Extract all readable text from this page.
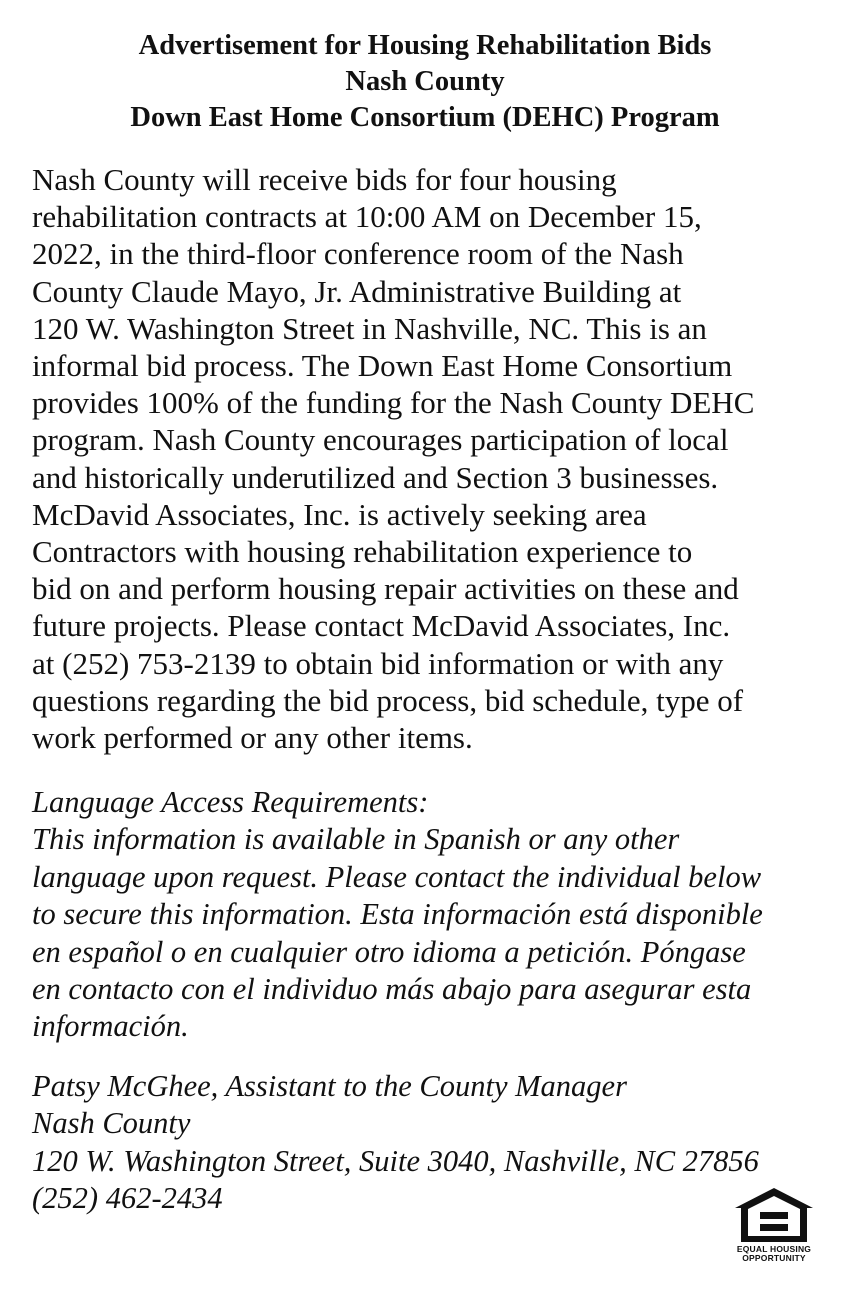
Advertisement for Housing Rehabilitation Bids
Nash County
Down East Home Consortium (DEHC) Program
Nash County will receive bids for four housing
rehabilitation contracts at 10:00 AM on December 15,
2022, in the third-floor conference room of the Nash
County Claude Mayo, Jr. Administrative Building at
120 W. Washington Street in Nashville, NC. This is an
informal bid process. The Down East Home Consortium
provides 100% of the funding for the Nash County DEHC
program. Nash County encourages participation of local
and historically underutilized and Section 3 businesses.
McDavid Associates, Inc. is actively seeking area
Contractors with housing rehabilitation experience to
bid on and perform housing repair activities on these and
future projects. Please contact McDavid Associates, Inc.
at (252) 753-2139 to obtain bid information or with any
questions regarding the bid process, bid schedule, type of
work performed or any other items.
Language Access Requirements:
This information is available in Spanish or any other
language upon request. Please contact the individual below
to secure this information. Esta información está disponible
en español o en cualquier otro idioma a petición. Póngase
en contacto con el individuo más abajo para asegurar esta
información.
Patsy McGhee, Assistant to the County Manager
Nash County
120 W. Washington Street, Suite 3040, Nashville, NC 27856
(252) 462-2434
EQUAL HOUSING
OPPORTUNITY
